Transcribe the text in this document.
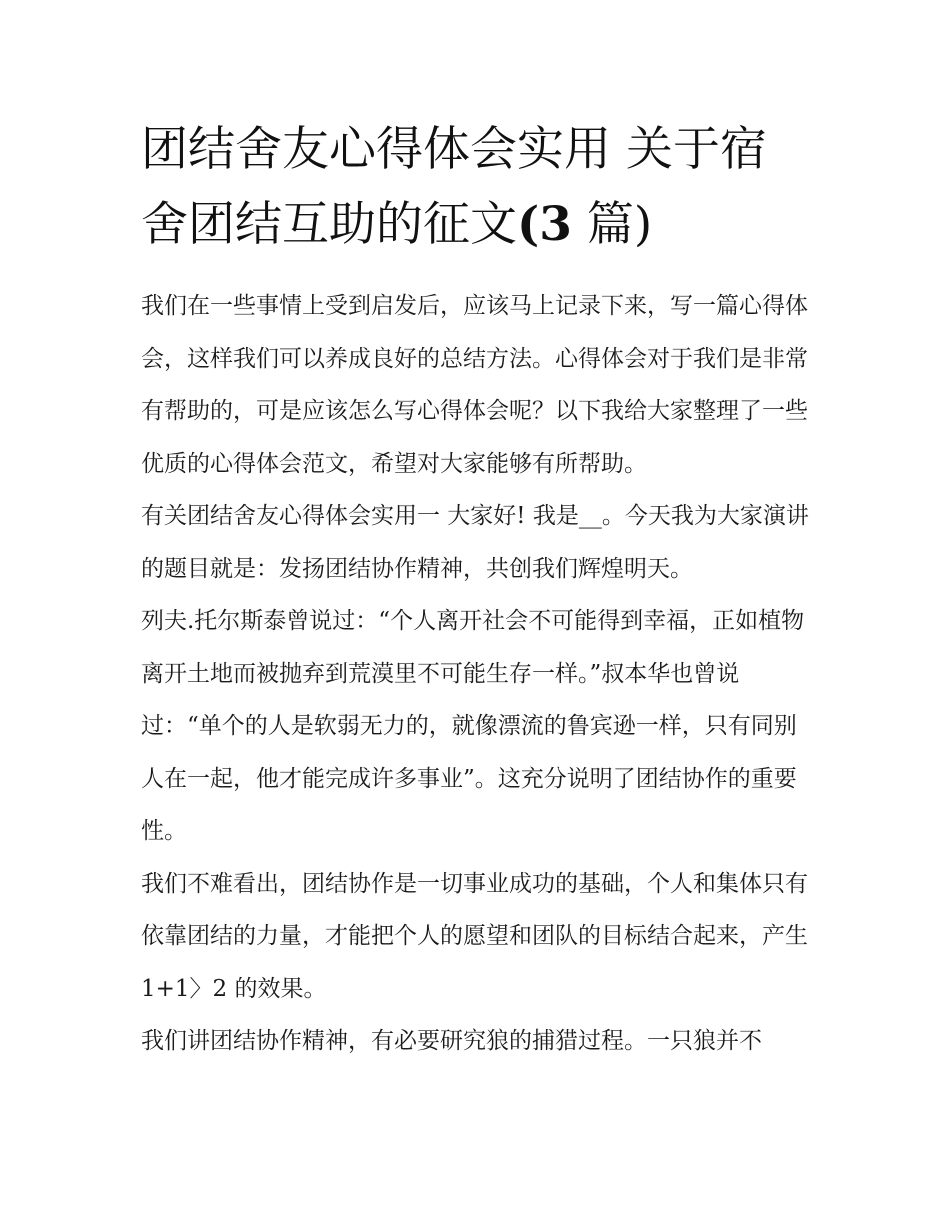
团结舍友心得体会实用 关于宿舍团结互助的征文(3 篇)

我们在一些事情上受到启发后，应该马上记录下来，写一篇心得体会，这样我们可以养成良好的总结方法。心得体会对于我们是非常有帮助的，可是应该怎么写心得体会呢？以下我给大家整理了一些优质的心得体会范文，希望对大家能够有所帮助。

有关团结舍友心得体会实用一 大家好! 我是__。今天我为大家演讲的题目就是：发扬团结协作精神，共创我们辉煌明天。

列夫.托尔斯泰曾说过：“个人离开社会不可能得到幸福，正如植物离开土地而被抛弃到荒漠里不可能生存一样。”叔本华也曾说过：“单个的人是软弱无力的，就像漂流的鲁宾逊一样，只有同别人在一起，他才能完成许多事业”。这充分说明了团结协作的重要性。

我们不难看出，团结协作是一切事业成功的基础，个人和集体只有依靠团结的力量，才能把个人的愿望和团队的目标结合起来，产生 1+1〉2 的效果。

我们讲团结协作精神，有必要研究狼的捕猎过程。一只狼并不
